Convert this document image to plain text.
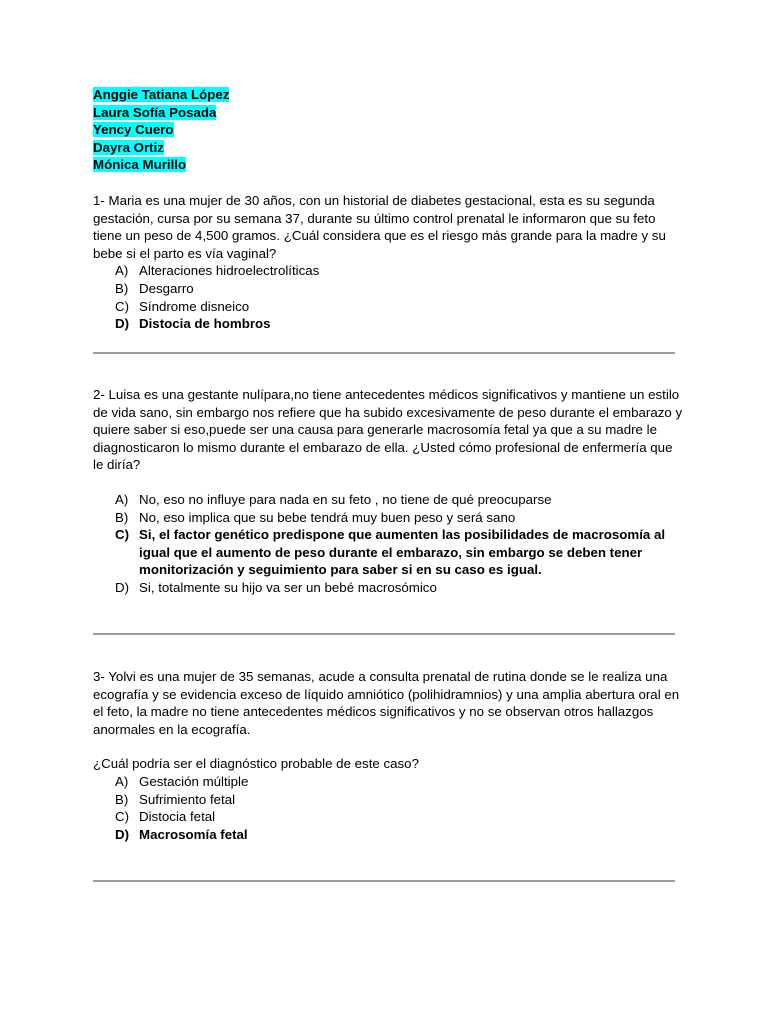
Anggie Tatiana López
Laura Sofía Posada
Yency Cuero
Dayra Ortiz
Mónica Murillo

1- Maria es una mujer de 30 años, con un historial de diabetes gestacional, esta es su segunda gestación, cursa por su semana 37, durante su último control prenatal le informaron que su feto tiene un peso de 4,500 gramos. ¿Cuál considera que es el riesgo más grande para la madre y su bebe si el parto es vía vaginal?

A) Alteraciones hidroelectrolíticas
B) Desgarro
C) Síndrome disneico
D) Distocia de hombros

2- Luisa es una gestante nulípara,no tiene antecedentes médicos significativos y mantiene un estilo de vida sano, sin embargo nos refiere que ha subido excesivamente de peso durante el embarazo y quiere saber si eso,puede ser una causa para generarle macrosomía fetal ya que a su madre le diagnosticaron lo mismo durante el embarazo de ella. ¿Usted cómo profesional de enfermería que le diría?

A) No, eso no influye para nada en su feto , no tiene de qué preocuparse
B) No, eso implica que su bebe tendrá muy buen peso y será sano
C) Si, el factor genético predispone que aumenten las posibilidades de macrosomía al igual que el aumento de peso durante el embarazo, sin embargo se deben tener monitorización y seguimiento para saber si en su caso es igual.
D) Si, totalmente su hijo va ser un bebé macrosómico

3- Yolvi es una mujer de 35 semanas, acude a consulta prenatal de rutina donde se le realiza una ecografía y se evidencia exceso de líquido amniótico (polihidramnios) y una amplia abertura oral en el feto, la madre no tiene antecedentes médicos significativos y no se observan otros hallazgos anormales en la ecografía.

¿Cuál podría ser el diagnóstico probable de este caso?

A) Gestación múltiple
B) Sufrimiento fetal
C) Distocia fetal
D) Macrosomía fetal
